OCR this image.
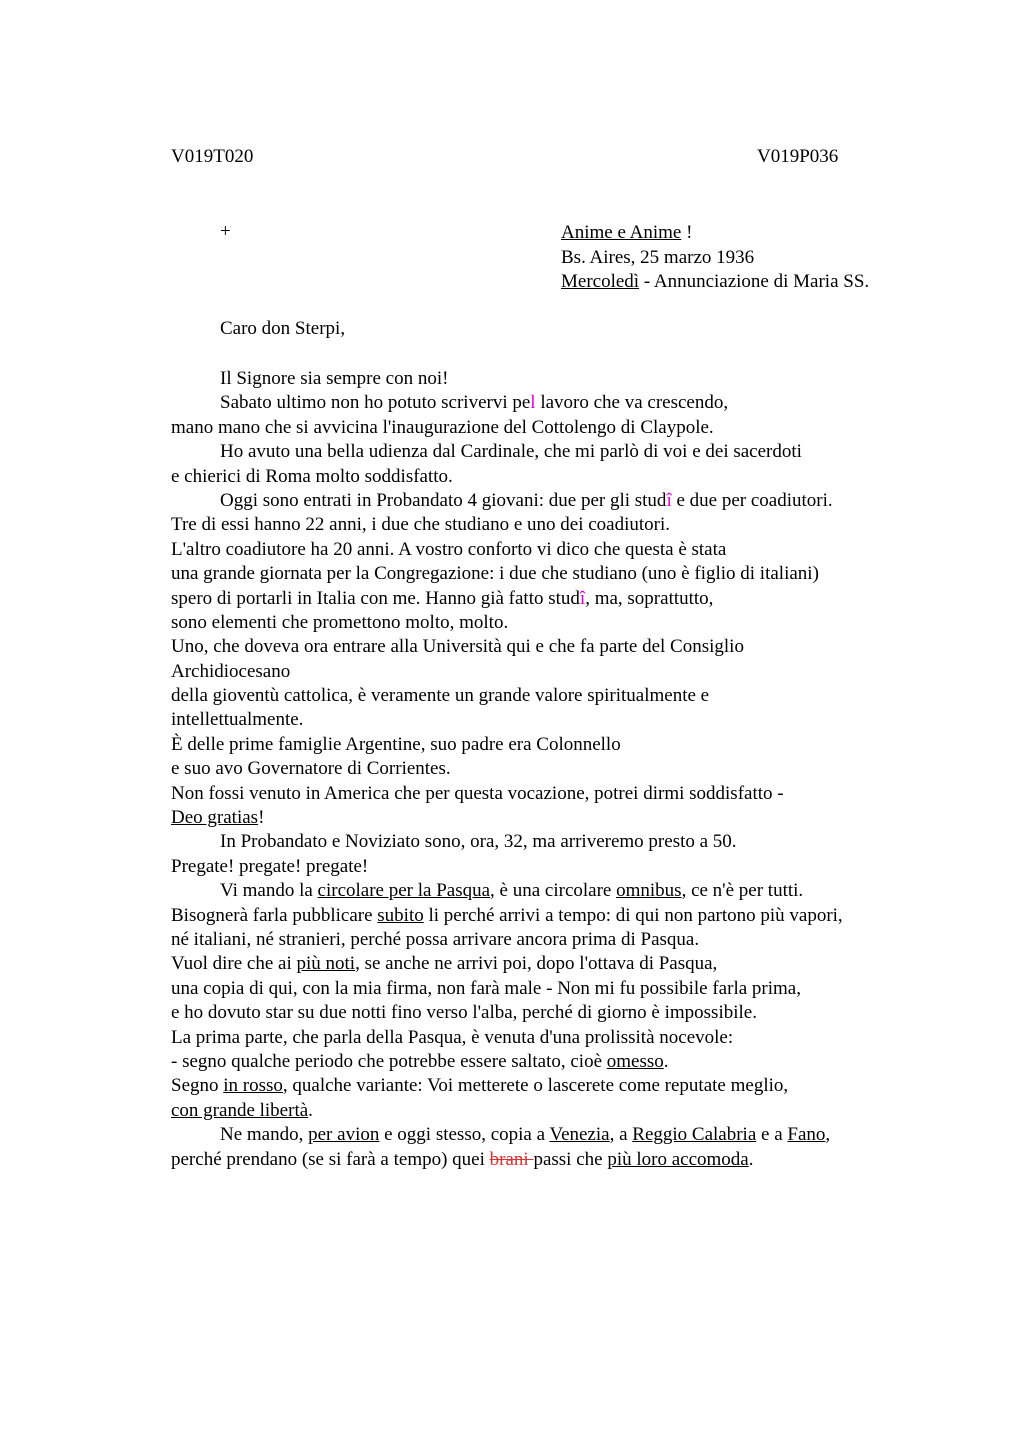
V019T020	V019P036
+	Anime e Anime !
Bs. Aires, 25 marzo 1936
Mercoledì - Annunciazione di Maria SS.
Caro don Sterpi,
Il Signore sia sempre con noi!
Sabato ultimo non ho potuto scrivervi pel lavoro che va crescendo,
mano mano che si avvicina l'inaugurazione del Cottolengo di Claypole.
Ho avuto una bella udienza dal Cardinale, che mi parlò di voi e dei sacerdoti
e chierici di Roma molto soddisfatto.
Oggi sono entrati in Probandato 4 giovani: due per gli studî e due per coadiutori.
Tre di essi hanno 22 anni, i due che studiano e uno dei coadiutori.
L'altro coadiutore ha 20 anni. A vostro conforto vi dico che questa è stata
una grande giornata per la Congregazione: i due che studiano (uno è figlio di italiani)
spero di portarli in Italia con me. Hanno già fatto studî, ma, soprattutto,
sono elementi che promettono molto, molto.
Uno, che doveva ora entrare alla Università qui e che fa parte del Consiglio
Archidiocesano
della gioventù cattolica, è veramente un grande valore spiritualmente e
intellettualmente.
È delle prime famiglie Argentine, suo padre era Colonnello
e suo avo Governatore di Corrientes.
Non fossi venuto in America che per questa vocazione, potrei dirmi soddisfatto -
Deo gratias!
In Probandato e Noviziato sono, ora, 32, ma arriveremo presto a 50.
Pregate! pregate! pregate!
Vi mando la circolare per la Pasqua, è una circolare omnibus, ce n'è per tutti.
Bisognerà farla pubblicare subito li perché arrivi a tempo: di qui non partono più vapori,
né italiani, né stranieri, perché possa arrivare ancora prima di Pasqua.
Vuol dire che ai più noti, se anche ne arrivi poi, dopo l'ottava di Pasqua,
una copia di qui, con la mia firma, non farà male - Non mi fu possibile farla prima,
e ho dovuto star su due notti fino verso l'alba, perché di giorno è impossibile.
La prima parte, che parla della Pasqua, è venuta d'una prolissità nocevole:
- segno qualche periodo che potrebbe essere saltato, cioè omesso.
Segno in rosso, qualche variante: Voi metterete o lascerete come reputate meglio,
con grande libertà.
Ne mando, per avion e oggi stesso, copia a Venezia, a Reggio Calabria e a Fano,
perché prendano (se si farà a tempo) quei brani passi che più loro accomoda.
